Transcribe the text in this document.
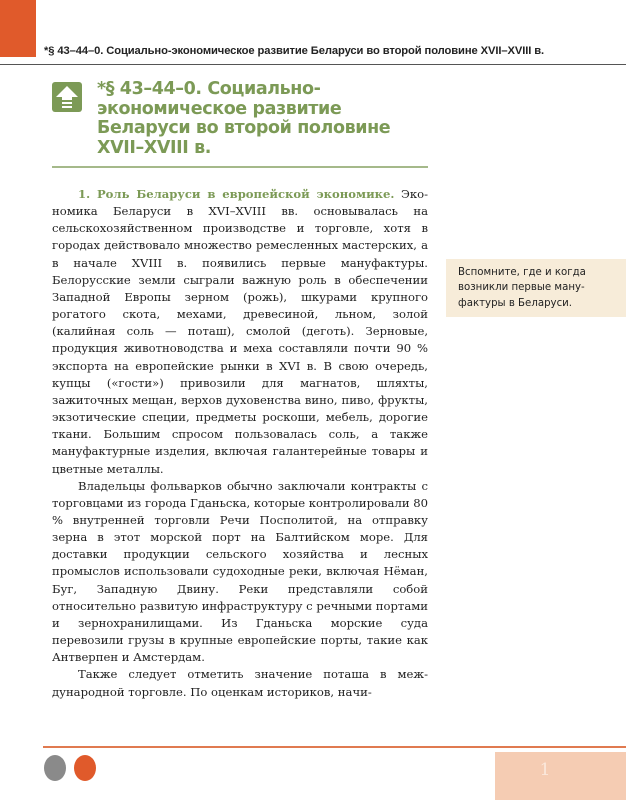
*§ 43–44–0. Социально-экономическое развитие Беларуси во второй половине XVII–XVIII в.
*§ 43–44–0. Социально-
экономическое развитие
Беларуси во второй половине
XVII–XVIII в.

1. Роль Беларуси в европейской экономике. Экономика Беларуси в XVI–XVIII вв. основывалась на сельскохозяйственном производстве и торговле, хотя в городах действовало множество ремесленных мастерских, а в начале XVIII в. появились первые мануфактуры. Белорусские земли сыграли важную роль в обеспечении Западной Европы зерном (рожь), шкурами крупного рогатого скота, мехами, древесиной, льном, золой (калийная соль — поташ), смолой (деготь). Зерновые, продукция животноводства и меха составляли почти 90 % экспорта на европейские рынки в XVI в. В свою очередь, купцы («гости») привозили для магнатов, шляхты, зажиточных мещан, верхов духовенства вино, пиво, фрукты, экзотические специи, предметы роскоши, мебель, дорогие ткани. Большим спросом пользовалась соль, а также мануфактурные изделия, включая галантерейные товары и цветные металлы.

Владельцы фольварков обычно заключали контракты с торговцами из города Гданьска, которые контролировали 80 % внутренней торговли Речи Посполитой, на отправку зерна в этот морской порт на Балтийском море. Для доставки продукции сельского хозяйства и лесных промыслов использовали судоходные реки, включая Нёман, Буг, Западную Двину. Реки представляли собой относительно развитую инфраструктуру с речными портами и зернохранилищами. Из Гданьска морские суда перевозили грузы в крупные европейские порты, такие как Антверпен и Амстердам.

Также следует отметить значение поташа в международной торговле. По оценкам историков, начи-

Вспомните, где и когда возникли первые мануфактуры в Беларуси.
1
